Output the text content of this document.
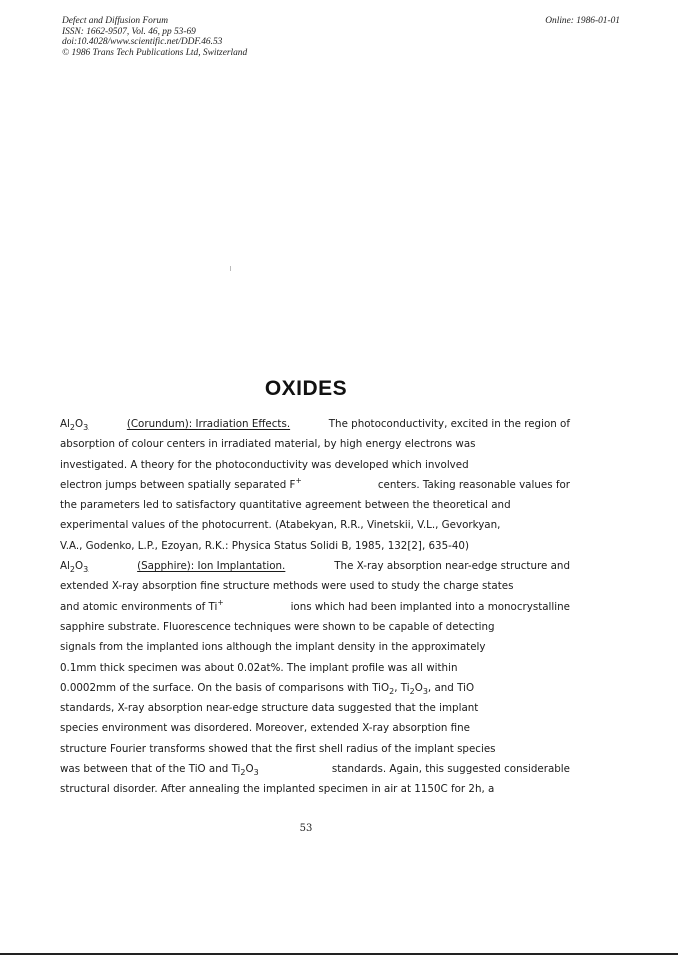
Defect and Diffusion Forum
ISSN: 1662-9507, Vol. 46, pp 53-69
doi:10.4028/www.scientific.net/DDF.46.53
© 1986 Trans Tech Publications Ltd, Switzerland
Online: 1986-01-01
OXIDES
$Al_2O_3$	(Corundum): Irradiation Effects.	The photoconductivity, excited in the region of
absorption of colour centers in irradiated material, by high energy electrons was
investigated. A theory for the photoconductivity was developed which involved
electron jumps between spatially separated F+	centers. Taking reasonable values for
the parameters led to satisfactory quantitative agreement between the theoretical and
experimental values of the photocurrent. (Atabekyan, R.R., Vinetskii, V.L., Gevorkyan,
V.A., Godenko, L.P., Ezoyan, R.K.: Physica Status Solidi B, 1985, 132[2], 635-40)
$Al_2O_3$	(Sapphire): Ion Implantation.	The X-ray absorption near-edge structure and
extended X-ray absorption fine structure methods were used to study the charge states
and atomic environments of Ti+	ions which had been implanted into a monocrystalline
sapphire substrate. Fluorescence techniques were shown to be capable of detecting
signals from the implanted ions although the implant density in the approximately
0.1mm thick specimen was about 0.02at%. The implant profile was all within
0.0002mm of the surface. On the basis of comparisons with TiO$_2$, $Ti_2O_3$, and TiO
standards, X-ray absorption near-edge structure data suggested that the implant
species environment was disordered. Moreover, extended X-ray absorption fine
structure Fourier transforms showed that the first shell radius of the implant species
was between that of the TiO and $Ti_2O_3$	standards. Again, this suggested considerable
structural disorder. After annealing the implanted specimen in air at 1150C for 2h, a
53
